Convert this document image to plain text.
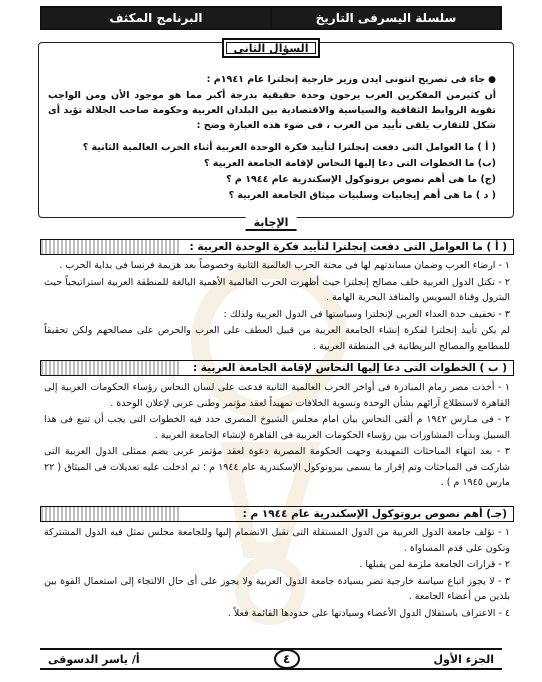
سلسلة اليسرفى التاريخ
البرنامج المكثف
السؤال الثانى
●جاء فى تصريح انتونى ايدن وزير خارجية إنجلترا عام ١٩٤١م :
أن كثيرمن المفكرين العرب يرجون وحدة حقيقية بدرجة أكبر مما هو موجود الأن ومن الواجب تقوية الروابط الثقافية والسياسية والاقتصادية بين البلدان العربية وحكومة صاحب الجلالة تؤيد أى شكل للتقارب يلقى تأييد من العرب ، فى ضوء هذه العبارة وضح :
( أ ) ما العوامل التى دفعت إنجلترا لتأييد فكرة الوحدة العربية أثناء الحرب العالمية الثانية ؟
(ب) ما الخطوات التى دعا إليها النحاس لإقامة الجامعة العربية ؟
(ج) ما هى أهم نصوص بروتوكول الإسكندرية عام ١٩٤٤ م ؟
( د ) ما هى أهم إيجابيات وسلبيات ميثاق الجامعة العربية ؟
الإجابة
( أ ) ما العوامل التى دفعت إنجلترا لتأييد فكرة الوحدة العربية :

١ - ارضاء العرب وضمان مساندتهم لها فى محنة الحرب العالمية الثانية وخصوصاً بعد هزيمة فرنسا فى بداية الحرب .

٢ - تكتل الدول العربية خلف مصالح إنجلترا حيث أظهرت الحرب العالمية الأهمية البالغة للمنطقة العربية استراتيجياً حيث البترول وقناة السويس والمنافذ البحرية الهامة .

٣ - تخفيف حدة العداء العربى لإنجلترا وسياستها فى الدول العربية ولذلك :

لم يكن تأييد إنجلترا لفكرة إنشاء الجامعة العربية من قبيل العطف على العرب والحرص على مصالحهم ولكن تحقيقاً للمطامع والمصالح البريطانية فى المنطقة العربية .

( ب ) الخطوات التى دعا إليها النحاس لإقامة الجامعة العربية :

١ - أخذت مصر زمام المبادرة فى أواخر الحرب العالمية الثانية فدعت على لسان النحاس رؤساء الحكومات العربية إلى القاهرة لاستطلاع آرائهم بشأن الوحدة وتسوية الخلافات تمهيداً لعقد مؤتمر وطنى عربى لإعلان الوحدة .

٢ - فى مـارس ١٩٤٢ م ألقى النحاس بيان امام مجلس الشيوخ المصرى حدد فيه الخطوات التى يجب أن تتبع فى هذا السبيل وبدأت المشاورات بين رؤساء الحكومات العربية فى القاهرة لإنشاء الجامعة العربية .

٣ - بعد انتهاء المباحثات التمهيدية وجهت الحكومة المصرية دعوة لعقد مؤتمر عربى يضم ممثلى الدول العربية التى شاركت فى المباحثات وتم إقرار ما يسمى ببروتوكول الإسكندرية عام ١٩٤٤ م ؛ ثم ادخلت عليه تعديلات فى الميثاق ( ٢٢ مارس ١٩٤٥ م ) .

(جـ) أهم نصوص بروتوكول الإسكندرية عام ١٩٤٤ م :

١ - تؤلف جامعة الدول العربية من الدول المستقلة التى تقبل الانضمام إليها وللجامعة مجلس تمثل فيه الدول المشتركة وتكون على قدم المساواة .

٢ - قرارات الجامعة ملزمة لمن يقبلها .

٣ - لا يجوز اتباع سياسة خارجية تضر بسيادة جامعة الدول العربية ولا يجوز على أى حال الالتجاء إلى استعمال القوة بين بلدين من أعضاء الجامعة .

٤ - الاعتراف باستقلال الدول الأعضاء وسيادتها على حدودها القائمة فعلاً .

الجزء الأول
٤
أ/ ياسر الدسوقى
